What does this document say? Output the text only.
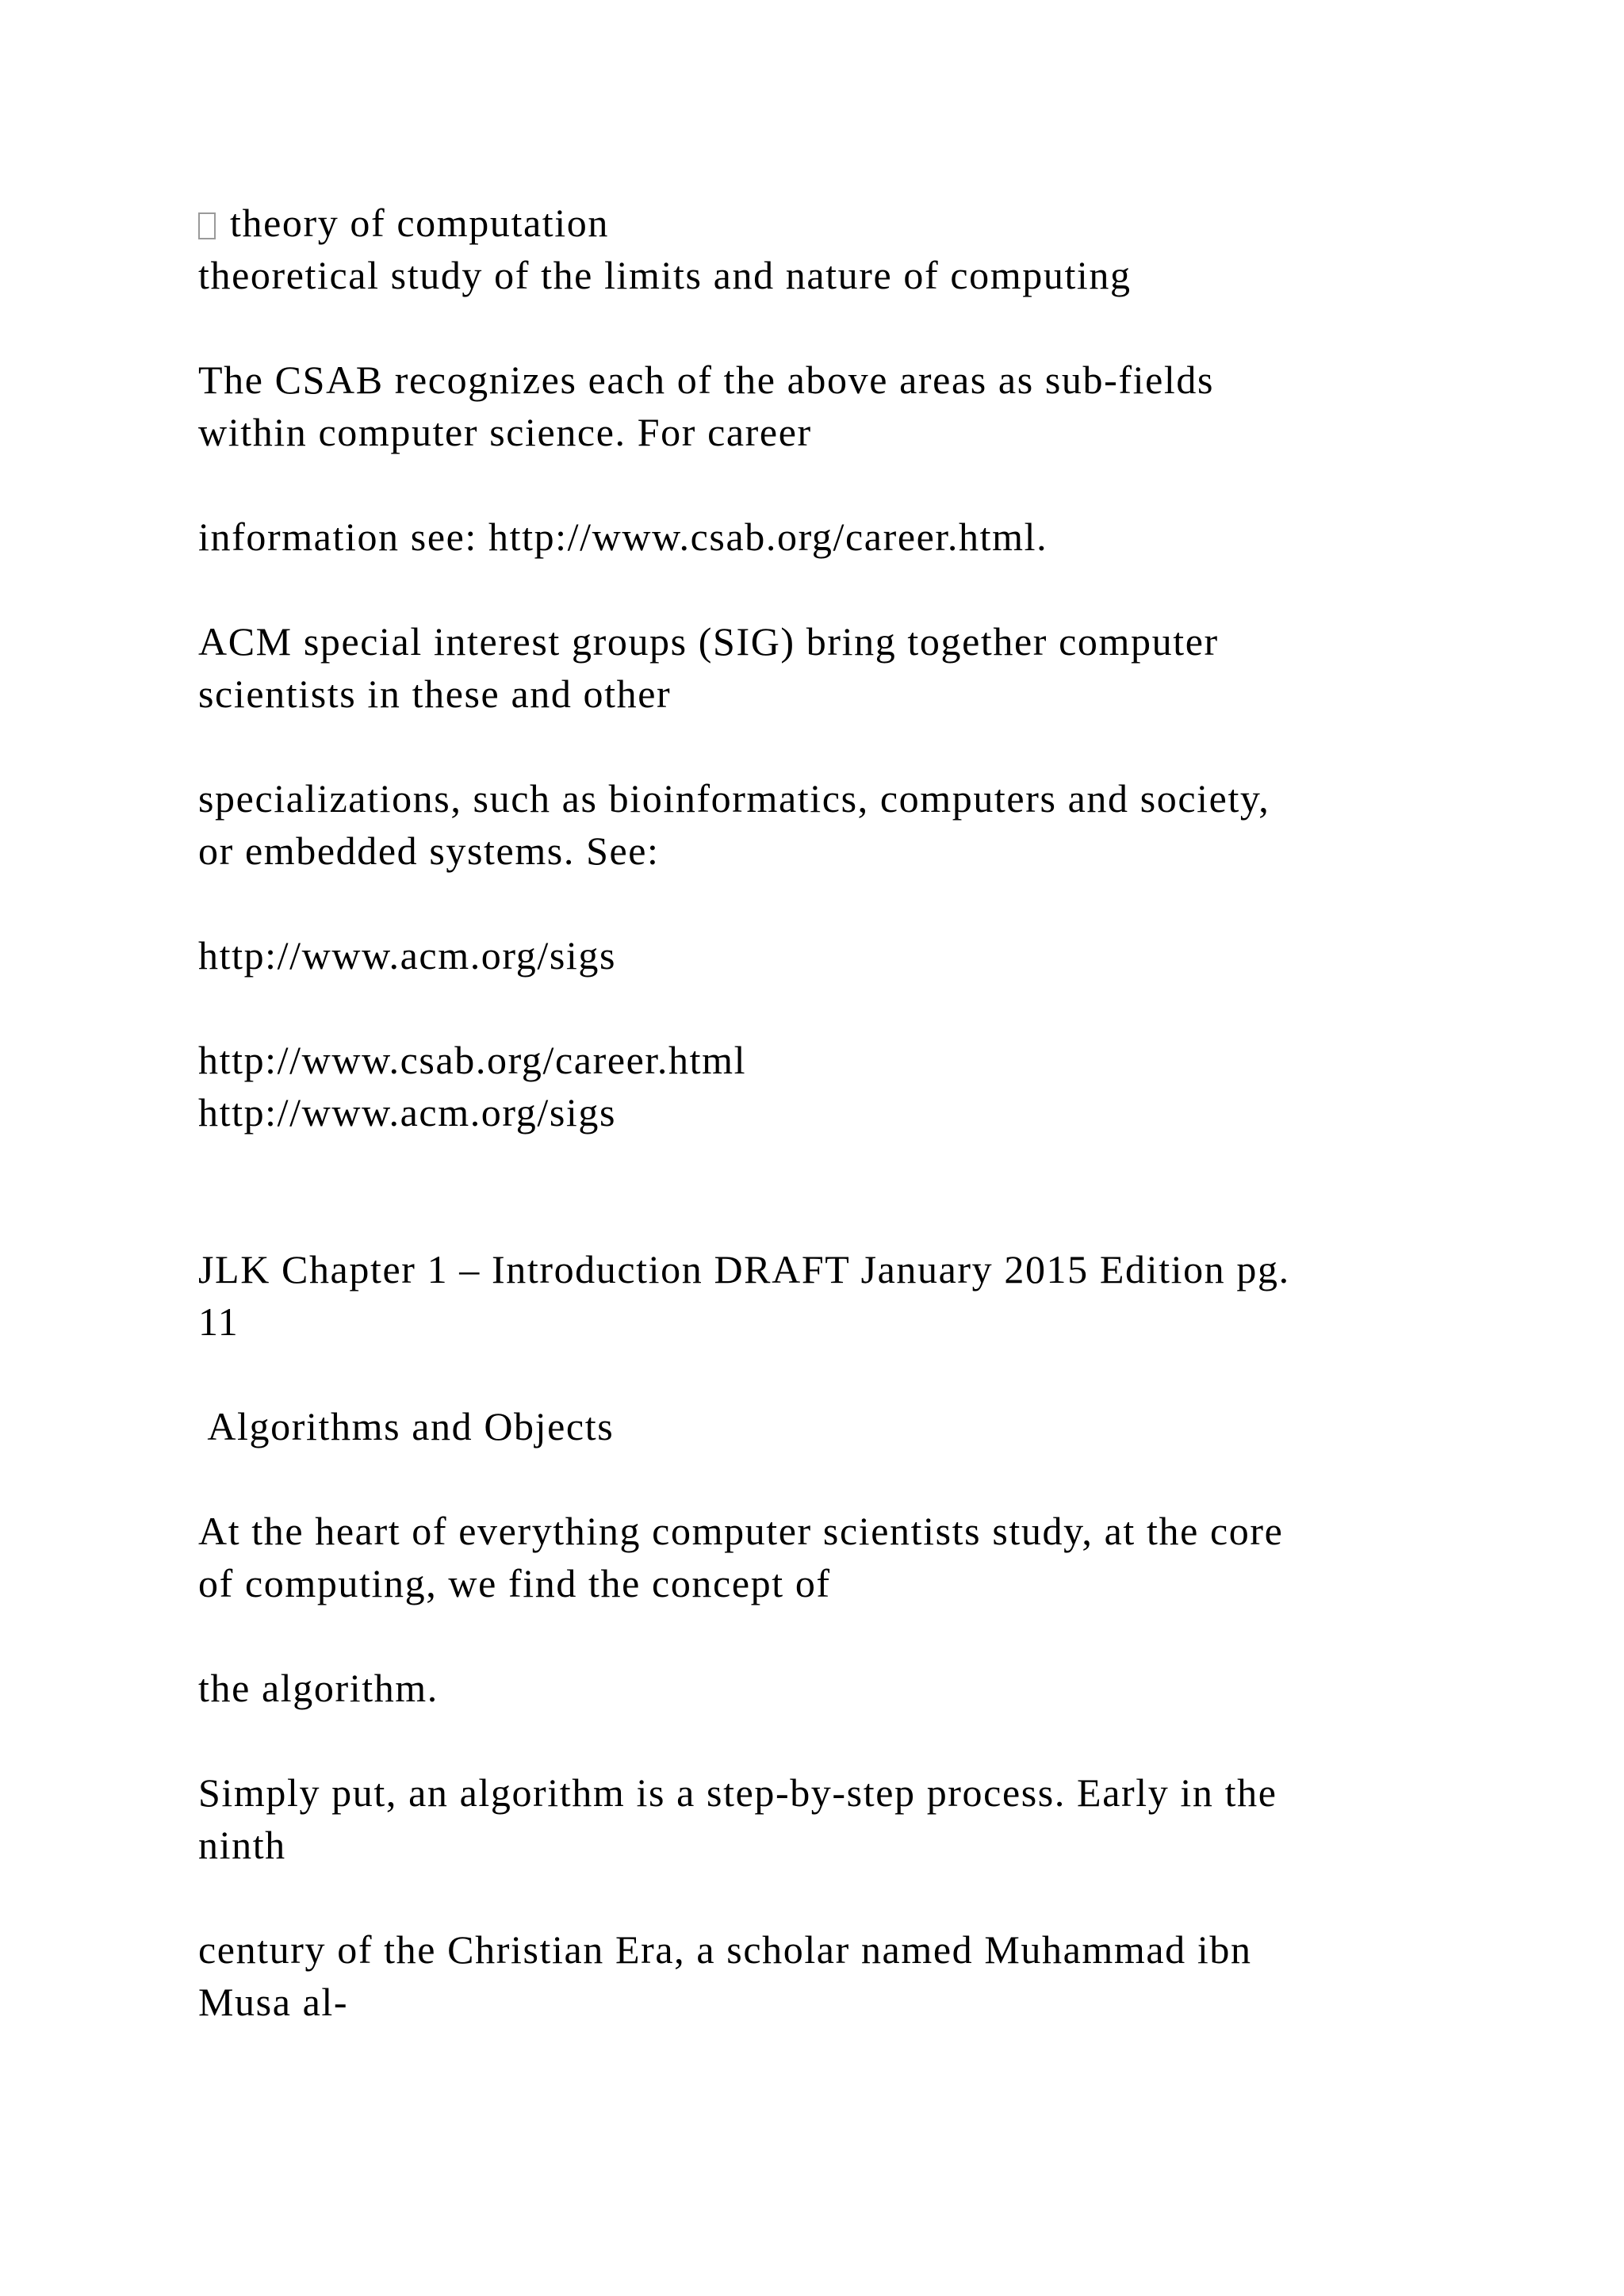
theory of computation
theoretical study of the limits and nature of computing
The CSAB recognizes each of the above areas as sub-fields
within computer science. For career
information see: http://www.csab.org/career.html.
ACM special interest groups (SIG) bring together computer
scientists in these and other
specializations, such as bioinformatics, computers and society,
or embedded systems. See:
http://www.acm.org/sigs
http://www.csab.org/career.html
http://www.acm.org/sigs
JLK Chapter 1 – Introduction DRAFT January 2015 Edition pg.
11
Algorithms and Objects
At the heart of everything computer scientists study, at the core
of computing, we find the concept of
the algorithm.
Simply put, an algorithm is a step-by-step process. Early in the
ninth
century of the Christian Era, a scholar named Muhammad ibn
Musa al-
